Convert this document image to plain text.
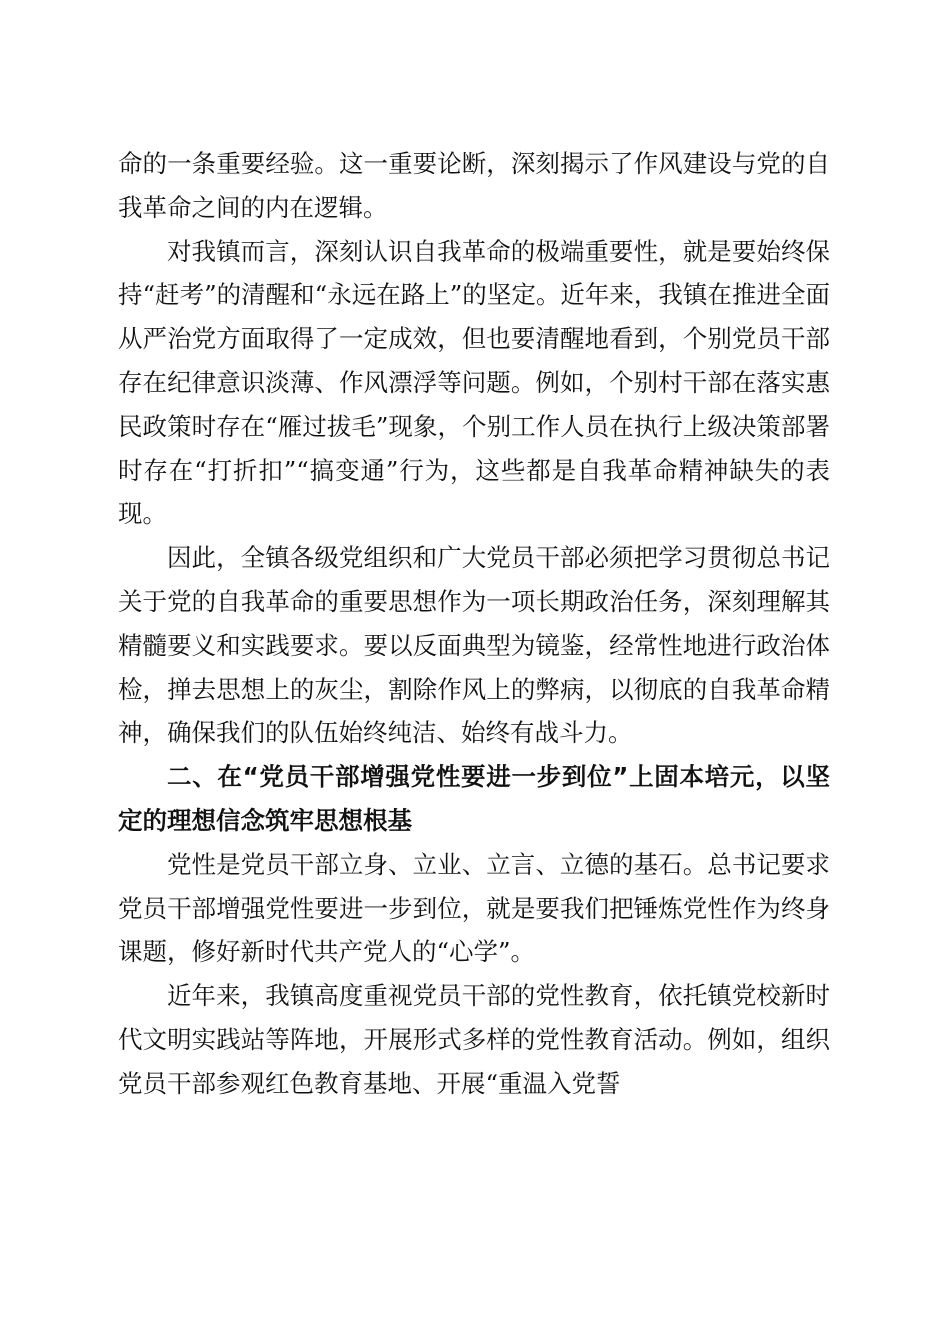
命的一条重要经验。这一重要论断，深刻揭示了作风建设与党的自我革命之间的内在逻辑。

对我镇而言，深刻认识自我革命的极端重要性，就是要始终保持“赶考”的清醒和“永远在路上”的坚定。近年来，我镇在推进全面从严治党方面取得了一定成效，但也要清醒地看到，个别党员干部存在纪律意识淡薄、作风漂浮等问题。例如，个别村干部在落实惠民政策时存在“雁过拔毛”现象，个别工作人员在执行上级决策部署时存在“打折扣”“搞变通”行为，这些都是自我革命精神缺失的表现。

因此，全镇各级党组织和广大党员干部必须把学习贯彻总书记关于党的自我革命的重要思想作为一项长期政治任务，深刻理解其精髓要义和实践要求。要以反面典型为镜鉴，经常性地进行政治体检，掸去思想上的灰尘，割除作风上的弊病，以彻底的自我革命精神，确保我们的队伍始终纯洁、始终有战斗力。

二、在“党员干部增强党性要进一步到位”上固本培元，以坚定的理想信念筑牢思想根基

党性是党员干部立身、立业、立言、立德的基石。总书记要求党员干部增强党性要进一步到位，就是要我们把锤炼党性作为终身课题，修好新时代共产党人的“心学”。

近年来，我镇高度重视党员干部的党性教育，依托镇党校新时代文明实践站等阵地，开展形式多样的党性教育活动。例如，组织党员干部参观红色教育基地、开展“重温入党誓
